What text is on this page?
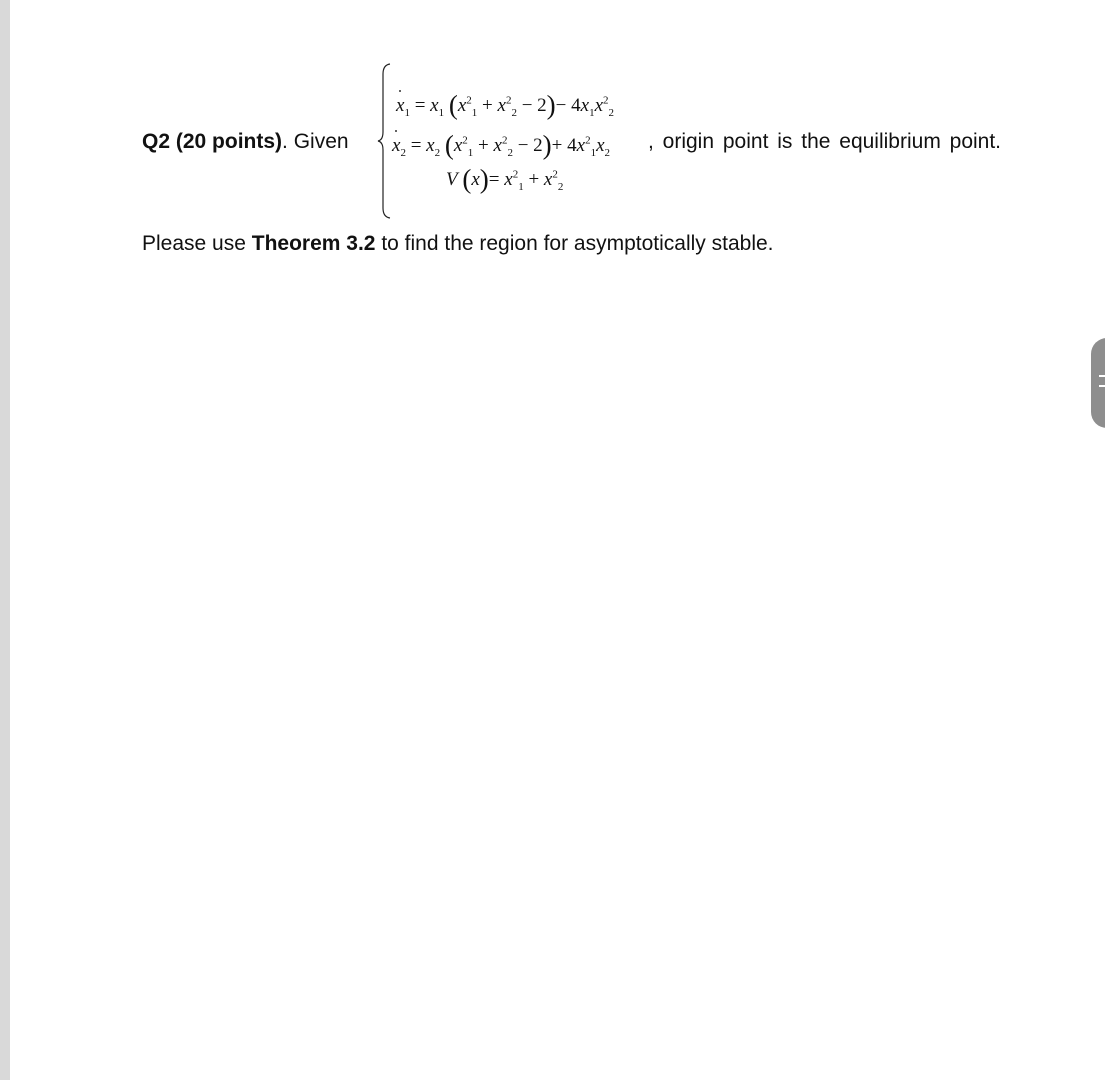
Q2 (20 points). Given
$x_1 = x_1$ $(x^2_1 + x^2_2 - 2)- 4x_1x^2_2$
$x_2 = x_2$ $(x^2_1 + x^2_2 - 2)+ 4x^2_1x_2$
V $(x)= x^2_1 + x^2_2$
, origin point is the equilibrium point.
Please use Theorem 3.2 to find the region for asymptotically stable.
